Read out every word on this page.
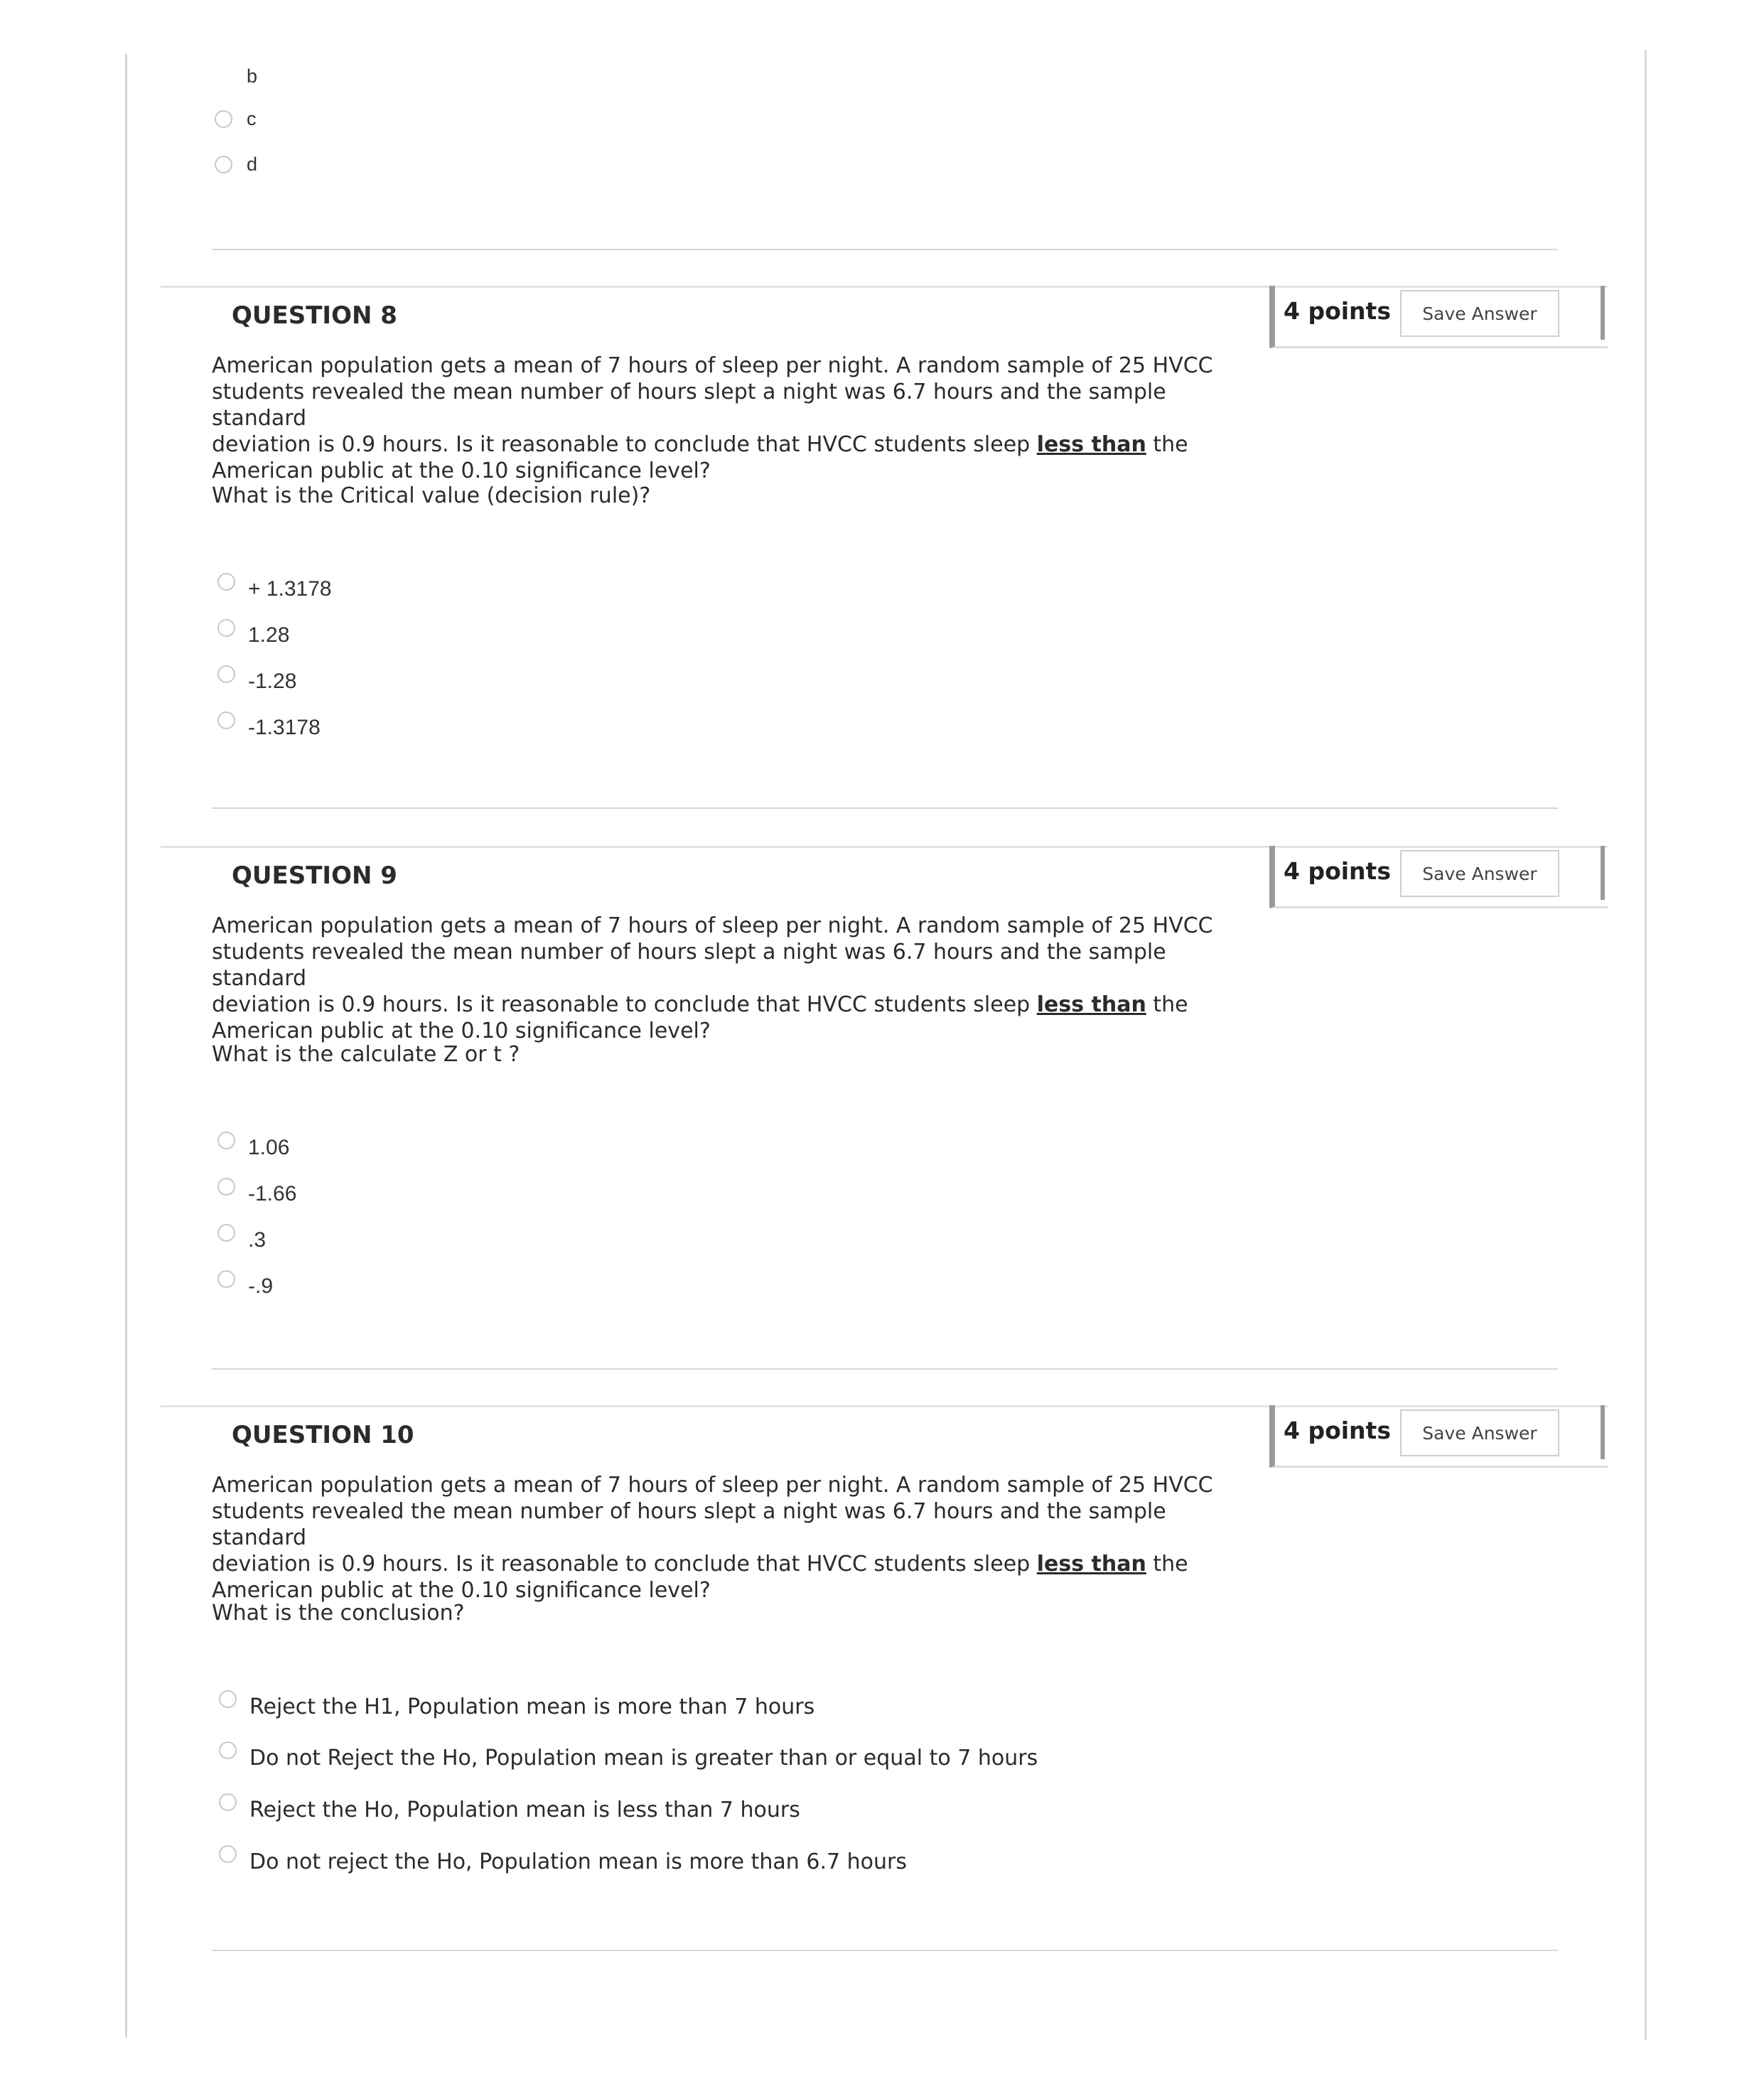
b
c
d
QUESTION 8	4 points	Save Answer
American population gets a mean of 7 hours of sleep per night. A random sample of 25 HVCC
students revealed the mean number of hours slept a night was 6.7 hours and the sample standard
deviation is 0.9 hours. Is it reasonable to conclude that HVCC students sleep less than the
American public at the 0.10 significance level?
What is the Critical value (decision rule)?
+ 1.3178
1.28
-1.28
-1.3178
QUESTION 9	4 points	Save Answer
American population gets a mean of 7 hours of sleep per night. A random sample of 25 HVCC
students revealed the mean number of hours slept a night was 6.7 hours and the sample standard
deviation is 0.9 hours. Is it reasonable to conclude that HVCC students sleep less than the
American public at the 0.10 significance level?
What is the calculate Z or t ?
1.06
-1.66
.3
-.9
QUESTION 10	4 points	Save Answer
American population gets a mean of 7 hours of sleep per night. A random sample of 25 HVCC
students revealed the mean number of hours slept a night was 6.7 hours and the sample standard
deviation is 0.9 hours. Is it reasonable to conclude that HVCC students sleep less than the
American public at the 0.10 significance level?
What is the conclusion?
Reject the H1, Population mean is more than 7 hours
Do not Reject the Ho, Population mean is greater than or equal to 7 hours
Reject the Ho, Population mean is less than 7 hours
Do not reject the Ho, Population mean is more than 6.7 hours
